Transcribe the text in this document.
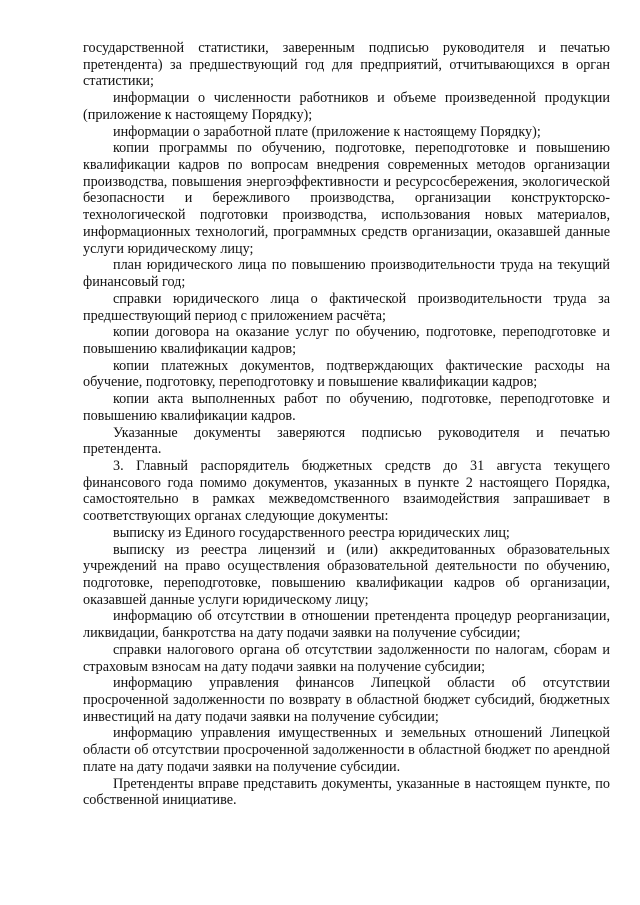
государственной статистики, заверенным подписью руководителя и печатью претендента) за предшествующий год для предприятий, отчитывающихся в орган статистики;

информации о численности работников и объеме произведенной продукции (приложение к настоящему Порядку);

информации о заработной плате (приложение к настоящему Порядку);

копии программы по обучению, подготовке, переподготовке и повышению квалификации кадров по вопросам внедрения современных методов организации производства, повышения энергоэффективности и ресурсосбережения, экологической безопасности и бережливого производства, организации конструкторско-технологической подготовки производства, использования новых материалов, информационных технологий, программных средств организации, оказавшей данные услуги юридическому лицу;

план юридического лица по повышению производительности труда на текущий финансовый год;

справки юридического лица о фактической производительности труда за предшествующий период с приложением расчёта;

копии договора на оказание услуг по обучению, подготовке, переподготовке и повышению квалификации кадров;

копии платежных документов, подтверждающих фактические расходы на обучение, подготовку, переподготовку и повышение квалификации кадров;

копии акта выполненных работ по обучению, подготовке, переподготовке и повышению квалификации кадров.

Указанные документы заверяются подписью руководителя и печатью претендента.

3. Главный распорядитель бюджетных средств до 31 августа текущего финансового года помимо документов, указанных в пункте 2 настоящего Порядка, самостоятельно в рамках межведомственного взаимодействия запрашивает в соответствующих органах следующие документы:

выписку из Единого государственного реестра юридических лиц;

выписку из реестра лицензий и (или) аккредитованных образовательных учреждений на право осуществления образовательной деятельности по обучению, подготовке, переподготовке, повышению квалификации кадров об организации, оказавшей данные услуги юридическому лицу;

информацию об отсутствии в отношении претендента процедур реорганизации, ликвидации, банкротства на дату подачи заявки на получение субсидии;

справки налогового органа об отсутствии задолженности по налогам, сборам и страховым взносам на дату подачи заявки на получение субсидии;

информацию управления финансов Липецкой области об отсутствии просроченной задолженности по возврату в областной бюджет субсидий, бюджетных инвестиций на дату подачи заявки на получение субсидии;

информацию управления имущественных и земельных отношений Липецкой области об отсутствии просроченной задолженности в областной бюджет по арендной плате на дату подачи заявки на получение субсидии.

Претенденты вправе представить документы, указанные в настоящем пункте, по собственной инициативе.
